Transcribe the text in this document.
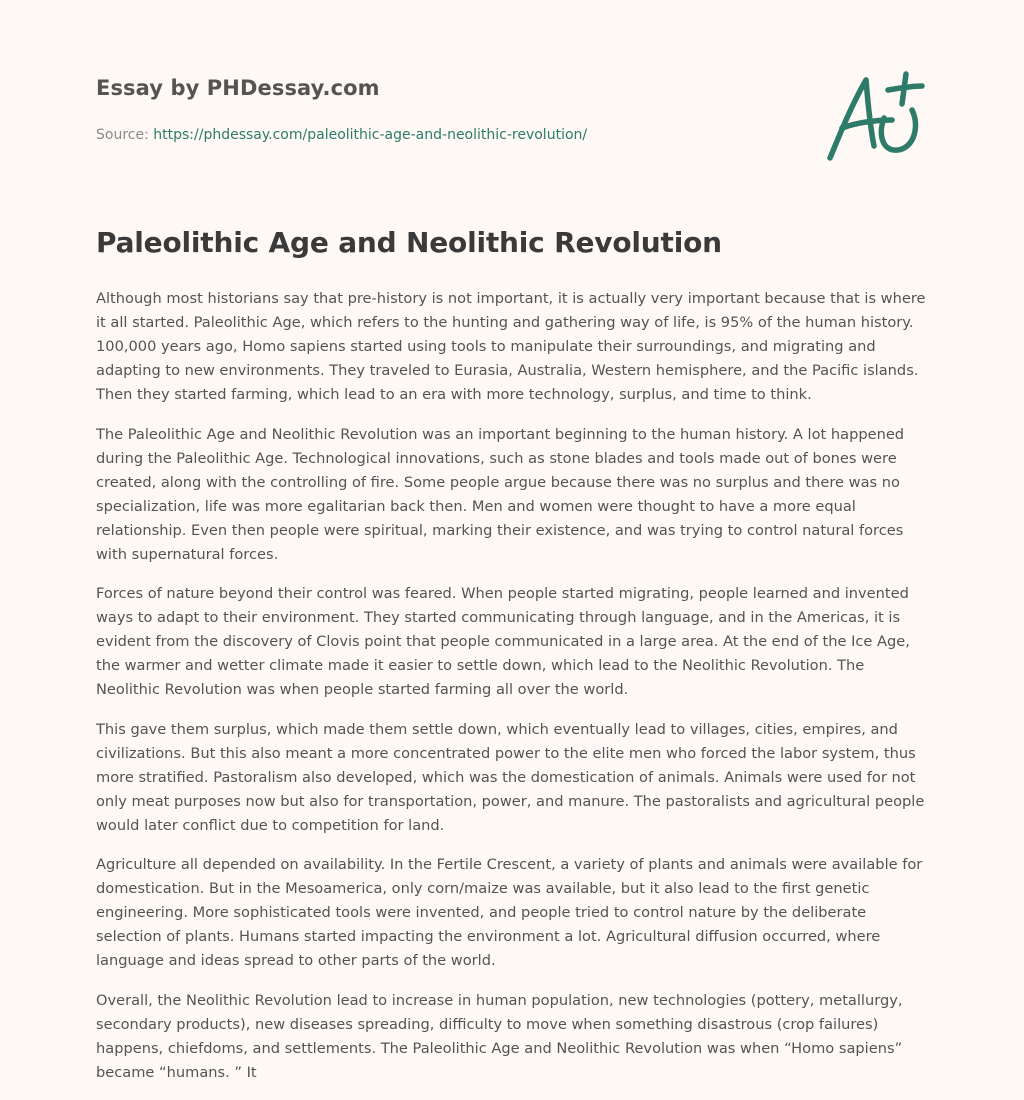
Essay by PHDessay.com
Source: https://phdessay.com/paleolithic-age-and-neolithic-revolution/
Paleolithic Age and Neolithic Revolution

Although most historians say that pre-history is not important, it is actually very important because that is where it all started. Paleolithic Age, which refers to the hunting and gathering way of life, is 95% of the human history. 100,000 years ago, Homo sapiens started using tools to manipulate their surroundings, and migrating and adapting to new environments. They traveled to Eurasia, Australia, Western hemisphere, and the Pacific islands. Then they started farming, which lead to an era with more technology, surplus, and time to think.

The Paleolithic Age and Neolithic Revolution was an important beginning to the human history. A lot happened during the Paleolithic Age. Technological innovations, such as stone blades and tools made out of bones were created, along with the controlling of fire. Some people argue because there was no surplus and there was no specialization, life was more egalitarian back then. Men and women were thought to have a more equal relationship. Even then people were spiritual, marking their existence, and was trying to control natural forces with supernatural forces.

Forces of nature beyond their control was feared. When people started migrating, people learned and invented ways to adapt to their environment. They started communicating through language, and in the Americas, it is evident from the discovery of Clovis point that people communicated in a large area. At the end of the Ice Age, the warmer and wetter climate made it easier to settle down, which lead to the Neolithic Revolution. The Neolithic Revolution was when people started farming all over the world.

This gave them surplus, which made them settle down, which eventually lead to villages, cities, empires, and civilizations. But this also meant a more concentrated power to the elite men who forced the labor system, thus more stratified. Pastoralism also developed, which was the domestication of animals. Animals were used for not only meat purposes now but also for transportation, power, and manure. The pastoralists and agricultural people would later conflict due to competition for land.

Agriculture all depended on availability. In the Fertile Crescent, a variety of plants and animals were available for domestication. But in the Mesoamerica, only corn/maize was available, but it also lead to the first genetic engineering. More sophisticated tools were invented, and people tried to control nature by the deliberate selection of plants. Humans started impacting the environment a lot. Agricultural diffusion occurred, where language and ideas spread to other parts of the world.

Overall, the Neolithic Revolution lead to increase in human population, new technologies (pottery, metallurgy, secondary products), new diseases spreading, difficulty to move when something disastrous (crop failures) happens, chiefdoms, and settlements. The Paleolithic Age and Neolithic Revolution was when “Homo sapiens” became “humans. ” It
